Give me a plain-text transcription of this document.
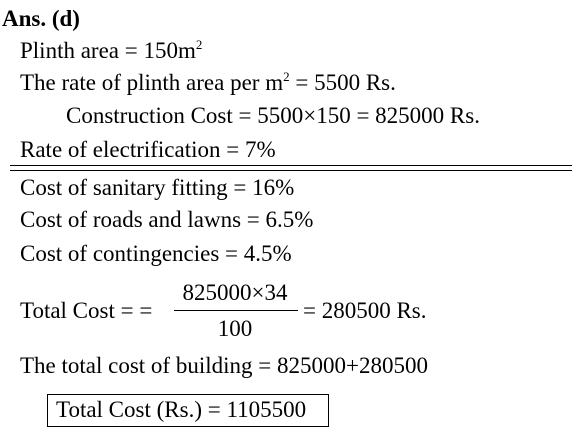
Ans. (d)
Plinth area = $150m^2$
The rate of plinth area per $m^2 = 5500$ Rs.
Construction Cost = 5500×150 = 825000 Rs.
Rate of electrification = 7%
Cost of sanitary fitting = 16%
Cost of roads and lawns = 6.5%
Cost of contingencies = 4.5%
Total Cost = =
825000×34
100
= 280500 Rs.
The total cost of building = 825000+280500
Total Cost (Rs.) = 1105500
